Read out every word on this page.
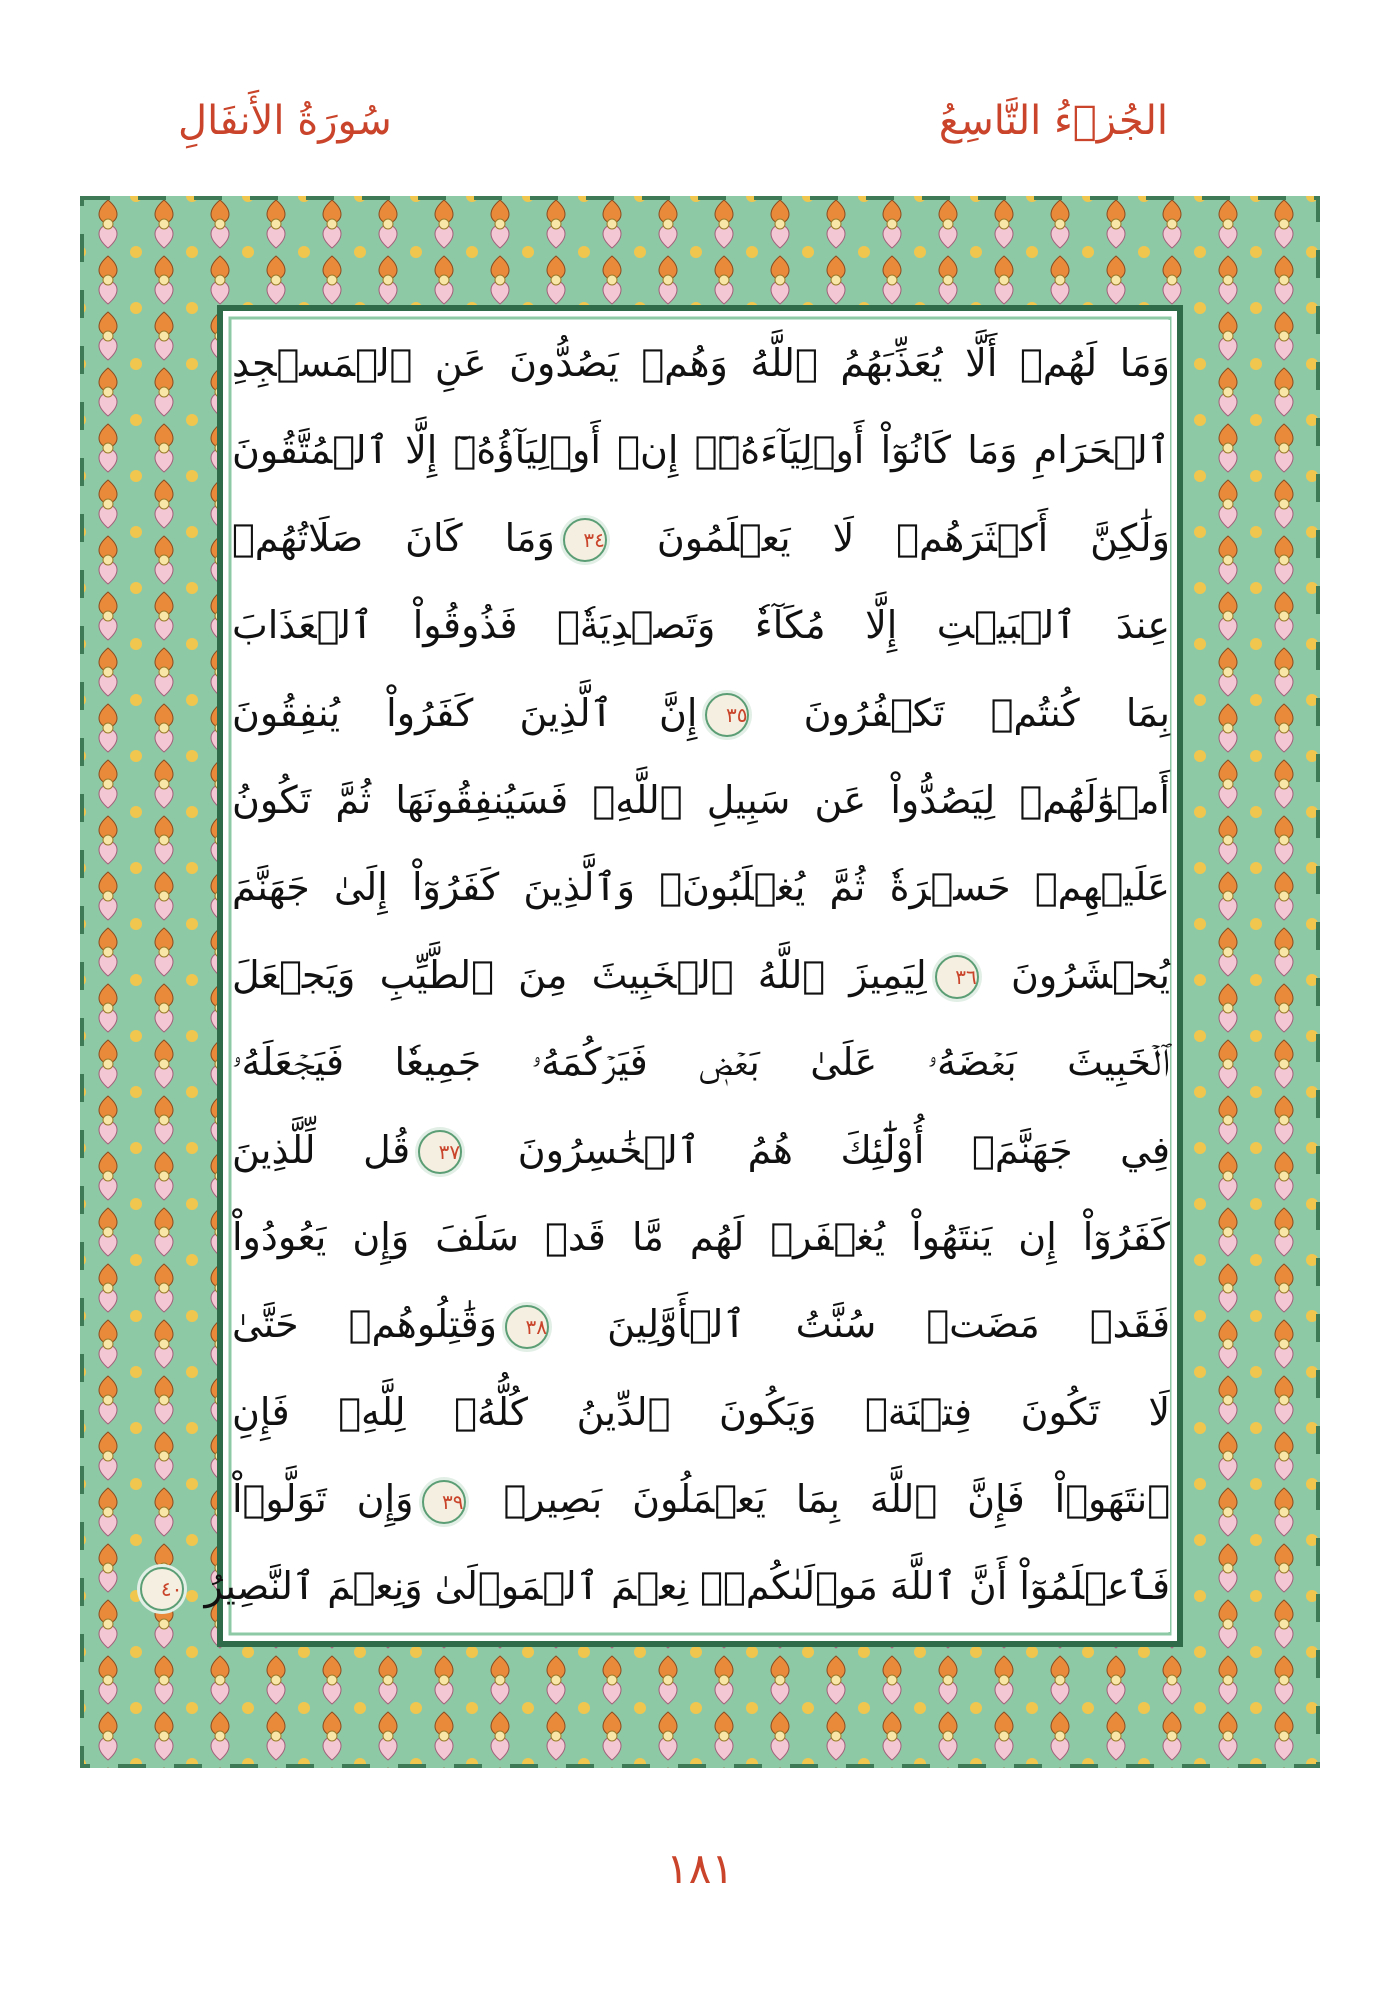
الجُزۡءُ التَّاسِعُ
سُورَةُ الأَنفَالِ
وَمَا لَهُمۡ أَلَّا يُعَذِّبَهُمُ ٱللَّهُ وَهُمۡ يَصُدُّونَ عَنِ ٱلۡمَسۡجِدِ
ٱلۡحَرَامِ وَمَا كَانُوٓاْ أَوۡلِيَآءَهُۥٓۚ إِنۡ أَوۡلِيَآؤُهُۥٓ إِلَّا ٱلۡمُتَّقُونَ
وَلَٰكِنَّ أَكۡثَرَهُمۡ لَا يَعۡلَمُونَ ٣٤وَمَا كَانَ صَلَاتُهُمۡ
عِندَ ٱلۡبَيۡتِ إِلَّا مُكَآءٗ وَتَصۡدِيَةٗۚ فَذُوقُواْ ٱلۡعَذَابَ
بِمَا كُنتُمۡ تَكۡفُرُونَ ٣٥إِنَّ ٱلَّذِينَ كَفَرُواْ يُنفِقُونَ
أَمۡوَٰلَهُمۡ لِيَصُدُّواْ عَن سَبِيلِ ٱللَّهِۚ فَسَيُنفِقُونَهَا ثُمَّ تَكُونُ
عَلَيۡهِمۡ حَسۡرَةٗ ثُمَّ يُغۡلَبُونَۗ وَٱلَّذِينَ كَفَرُوٓاْ إِلَىٰ جَهَنَّمَ
يُحۡشَرُونَ ٣٦لِيَمِيزَ ٱللَّهُ ٱلۡخَبِيثَ مِنَ ٱلطَّيِّبِ وَيَجۡعَلَ
ٱلۡخَبِيثَ بَعۡضَهُۥ عَلَىٰ بَعۡضٖ فَيَرۡكُمَهُۥ جَمِيعٗا فَيَجۡعَلَهُۥ
فِي جَهَنَّمَۚ أُوْلَٰٓئِكَ هُمُ ٱلۡخَٰسِرُونَ ٣٧قُل لِّلَّذِينَ
كَفَرُوٓاْ إِن يَنتَهُواْ يُغۡفَرۡ لَهُم مَّا قَدۡ سَلَفَ وَإِن يَعُودُواْ
فَقَدۡ مَضَتۡ سُنَّتُ ٱلۡأَوَّلِينَ ٣٨وَقَٰتِلُوهُمۡ حَتَّىٰ
لَا تَكُونَ فِتۡنَةٞ وَيَكُونَ ٱلدِّينُ كُلُّهُۥ لِلَّهِۚ فَإِنِ
ٱنتَهَوۡاْ فَإِنَّ ٱللَّهَ بِمَا يَعۡمَلُونَ بَصِيرٞ ٣٩وَإِن تَوَلَّوۡاْ
فَٱعۡلَمُوٓاْ أَنَّ ٱللَّهَ مَوۡلَىٰكُمۡۚ نِعۡمَ ٱلۡمَوۡلَىٰ وَنِعۡمَ ٱلنَّصِيرُ ٤٠
١٨١
